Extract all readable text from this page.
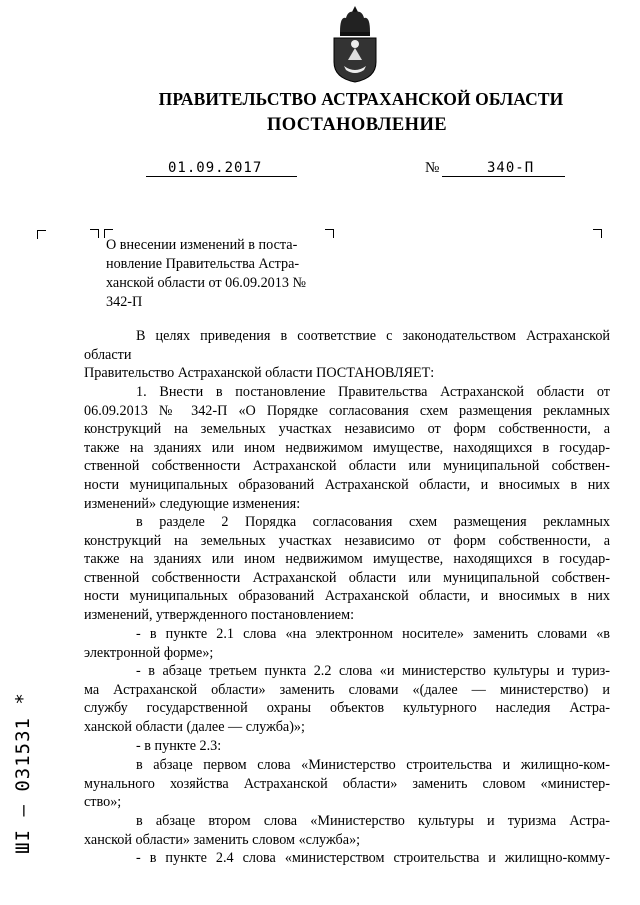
ПРАВИТЕЛЬСТВО АСТРАХАНСКОЙ ОБЛАСТИ
ПОСТАНОВЛЕНИЕ
01.09.2017	№	340-П
О внесении изменений в поста-
новление Правительства Астра-
ханской области от 06.09.2013 №
342-П
В целях приведения в соответствие с законодательством Астраханской
области
Правительство Астраханской области ПОСТАНОВЛЯЕТ:
1. Внести в постановление Правительства Астраханской области от
06.09.2013 № 342-П «О Порядке согласования схем размещения рекламных
конструкций на земельных участках независимо от форм собственности, а
также на зданиях или ином недвижимом имуществе, находящихся в государ-
ственной собственности Астраханской области или муниципальной собствен-
ности муниципальных образований Астраханской области, и вносимых в них
изменений» следующие изменения:
в разделе 2 Порядка согласования схем размещения рекламных
конструкций на земельных участках независимо от форм собственности, а
также на зданиях или ином недвижимом имуществе, находящихся в государ-
ственной собственности Астраханской области или муниципальной собствен-
ности муниципальных образований Астраханской области, и вносимых в них
изменений, утвержденного постановлением:
- в пункте 2.1 слова «на электронном носителе» заменить словами «в
электронной форме»;
- в абзаце третьем пункта 2.2 слова «и министерство культуры и туриз-
ма Астраханской области» заменить словами «(далее — министерство) и
службу государственной охраны объектов культурного наследия Астра-
ханской области (далее — служба)»;
- в пункте 2.3:
в абзаце первом слова «Министерство строительства и жилищно-ком-
мунального хозяйства Астраханской области» заменить словом «министер-
ство»;
в абзаце втором слова «Министерство культуры и туризма Астра-
ханской области» заменить словом «служба»;
- в пункте 2.4 слова «министерством строительства и жилищно-комму-
ШІ – 031531 *
